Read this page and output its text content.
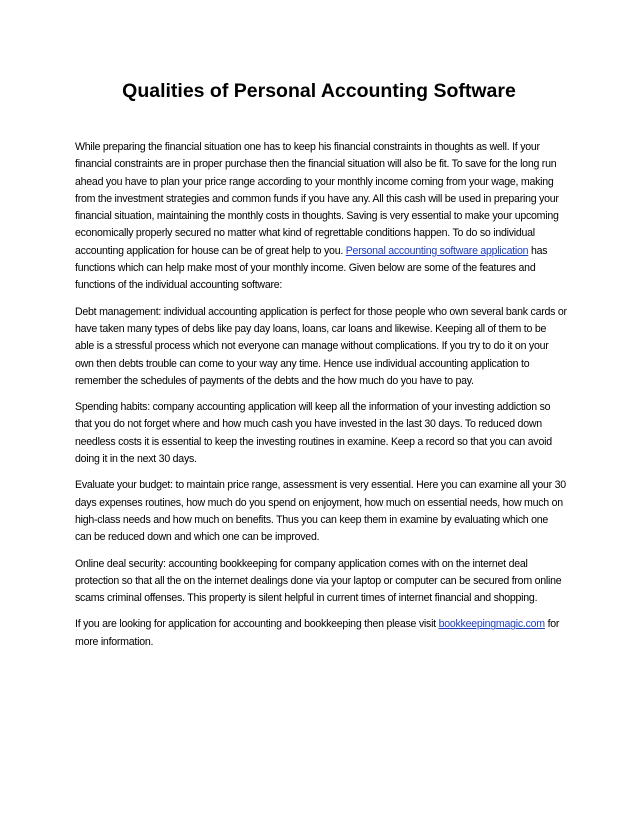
Qualities of Personal Accounting Software

While preparing the financial situation one has to keep his financial constraints in thoughts as well. If your financial constraints are in proper purchase then the financial situation will also be fit. To save for the long run ahead you have to plan your price range according to your monthly income coming from your wage, making from the investment strategies and common funds if you have any. All this cash will be used in preparing your financial situation, maintaining the monthly costs in thoughts. Saving is very essential to make your upcoming economically properly secured no matter what kind of regrettable conditions happen. To do so individual accounting application for house can be of great help to you. Personal accounting software application has functions which can help make most of your monthly income. Given below are some of the features and functions of the individual accounting software:

Debt management: individual accounting application is perfect for those people who own several bank cards or have taken many types of debs like pay day loans, loans, car loans and likewise. Keeping all of them to be able is a stressful process which not everyone can manage without complications. If you try to do it on your own then debts trouble can come to your way any time. Hence use individual accounting application to remember the schedules of payments of the debts and the how much do you have to pay.

Spending habits: company accounting application will keep all the information of your investing addiction so that you do not forget where and how much cash you have invested in the last 30 days. To reduced down needless costs it is essential to keep the investing routines in examine. Keep a record so that you can avoid doing it in the next 30 days.

Evaluate your budget: to maintain price range, assessment is very essential. Here you can examine all your 30 days expenses routines, how much do you spend on enjoyment, how much on essential needs, how much on high-class needs and how much on benefits. Thus you can keep them in examine by evaluating which one can be reduced down and which one can be improved.

Online deal security: accounting bookkeeping for company application comes with on the internet deal protection so that all the on the internet dealings done via your laptop or computer can be secured from online scams criminal offenses. This property is silent helpful in current times of internet financial and shopping.

If you are looking for application for accounting and bookkeeping then please visit bookkeepingmagic.com for more information.
